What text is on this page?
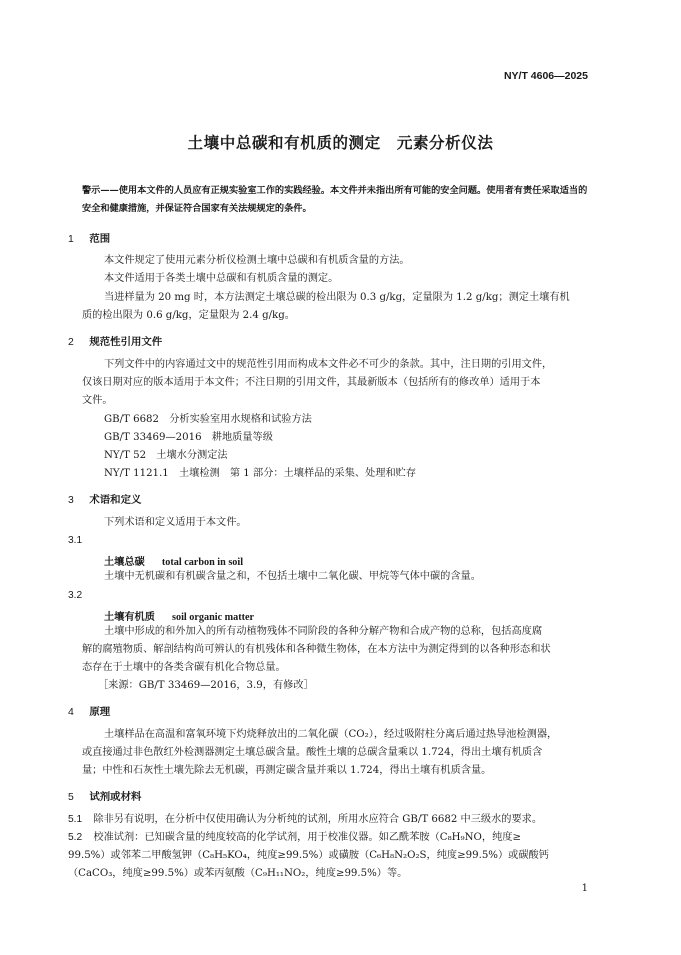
NY/T 4606—2025
土壤中总碳和有机质的测定　元素分析仪法
警示——使用本文件的人员应有正规实验室工作的实践经验。本文件并未指出所有可能的安全问题。使用者有责任采取适当的安全和健康措施，并保证符合国家有关法规规定的条件。
1 范围
本文件规定了使用元素分析仪检测土壤中总碳和有机质含量的方法。
本文件适用于各类土壤中总碳和有机质含量的测定。
当进样量为 20 mg 时，本方法测定土壤总碳的检出限为 0.3 g/kg，定量限为 1.2 g/kg；测定土壤有机
质的检出限为 0.6 g/kg，定量限为 2.4 g/kg。
2 规范性引用文件
下列文件中的内容通过文中的规范性引用而构成本文件必不可少的条款。其中，注日期的引用文件，
仅该日期对应的版本适用于本文件；不注日期的引用文件，其最新版本（包括所有的修改单）适用于本
文件。
GB/T 6682　分析实验室用水规格和试验方法
GB/T 33469—2016　耕地质量等级
NY/T 52　土壤水分测定法
NY/T 1121.1　土壤检测　第 1 部分：土壤样品的采集、处理和贮存
3 术语和定义
下列术语和定义适用于本文件。
3.1
土壤总碳 total carbon in soil
土壤中无机碳和有机碳含量之和，不包括土壤中二氧化碳、甲烷等气体中碳的含量。
3.2
土壤有机质 soil organic matter
土壤中形成的和外加入的所有动植物残体不同阶段的各种分解产物和合成产物的总称，包括高度腐
解的腐殖物质、解剖结构尚可辨认的有机残体和各种微生物体，在本方法中为测定得到的以各种形态和状
态存在于土壤中的各类含碳有机化合物总量。
［来源：GB/T 33469—2016，3.9，有修改］
4 原理
土壤样品在高温和富氧环境下灼烧释放出的二氧化碳（CO₂），经过吸附柱分离后通过热导池检测器，
或直接通过非色散红外检测器测定土壤总碳含量。酸性土壤的总碳含量乘以 1.724，得出土壤有机质含
量；中性和石灰性土壤先除去无机碳，再测定碳含量并乘以 1.724，得出土壤有机质含量。
5 试剂或材料
5.1 除非另有说明，在分析中仅使用确认为分析纯的试剂，所用水应符合 GB/T 6682 中三级水的要求。
5.2 校准试剂：已知碳含量的纯度较高的化学试剂，用于校准仪器。如乙酰苯胺（C₈H₉NO，纯度≥
99.5%）或邻苯二甲酸氢钾（C₈H₅KO₄，纯度≥99.5%）或磺胺（C₆H₈N₂O₂S，纯度≥99.5%）或碳酸钙
（CaCO₃，纯度≥99.5%）或苯丙氨酸（C₉H₁₁NO₂，纯度≥99.5%）等。
1
